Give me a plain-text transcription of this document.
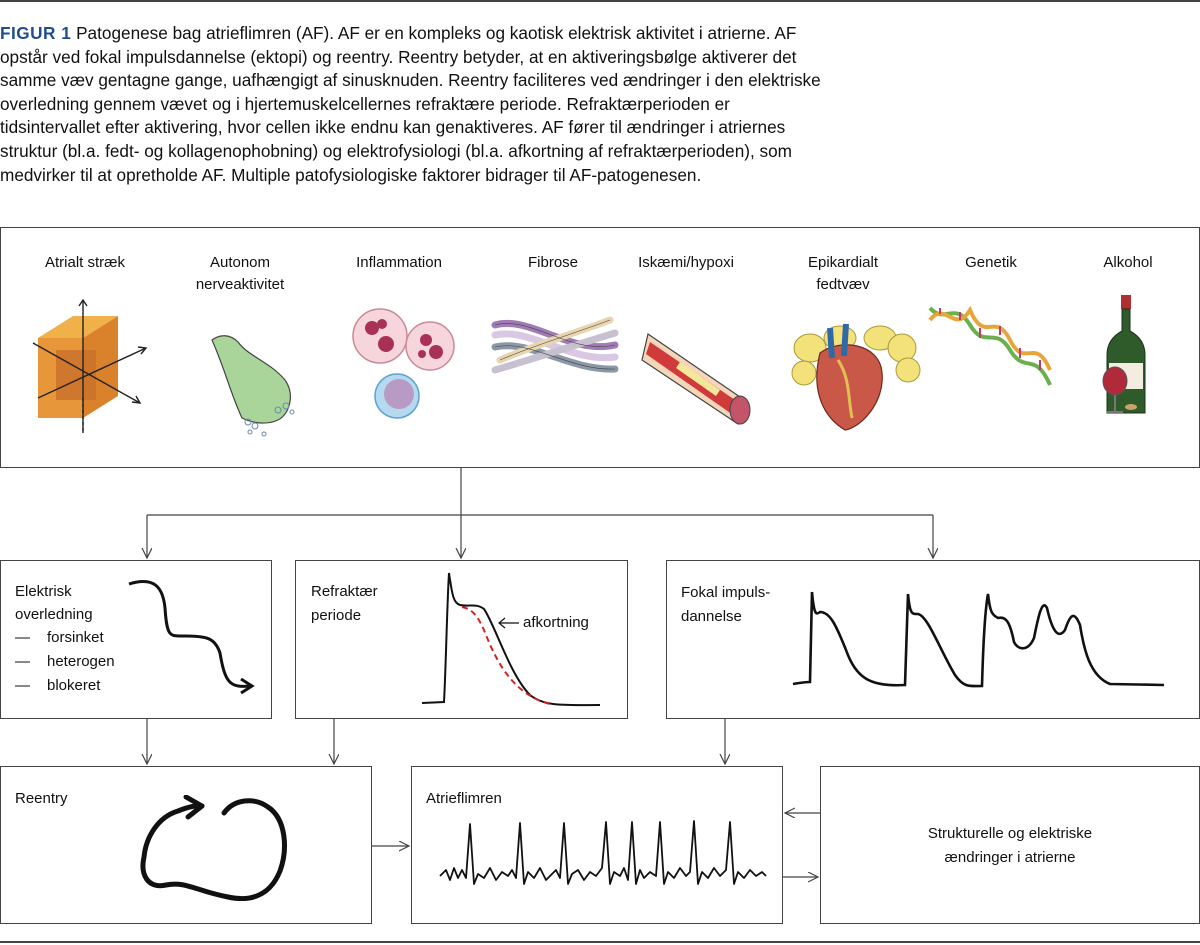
FIGUR 1 Patogenese bag atrieflimren (AF). AF er en kompleks og kaotisk elektrisk aktivitet i atrierne. AF opstår ved fokal impulsdannelse (ektopi) og reentry. Reentry betyder, at en aktiveringsbølge aktiverer det samme væv gentagne gange, uafhængigt af sinusknuden. Reentry faciliteres ved ændringer i den elektriske overledning gennem vævet og i hjertemuskelcellernes refraktære periode. Refraktærperioden er tidsintervallet efter aktivering, hvor cellen ikke endnu kan genaktiveres. AF fører til ændringer i atriernes struktur (bl.a. fedt- og kollagenophobning) og elektrofysiologi (bl.a. afkortning af refraktærperioden), som medvirker til at opretholde AF. Multiple patofysiologiske faktorer bidrager til AF-patogenesen.

Atrialt stræk	Autonom
nerveaktivitet
Inflammation	Fibrose	Iskæmi/hypoxi	Epikardialt
fedtvæv
Genetik	Alkohol
Elektrisk
overledning
— forsinket
— heterogen
— blokeret
Refraktær
periode	afkortning
Fokal impuls-
dannelse
Reentry	Atrieflimren
Strukturelle og elektriske
ændringer i atrierne
